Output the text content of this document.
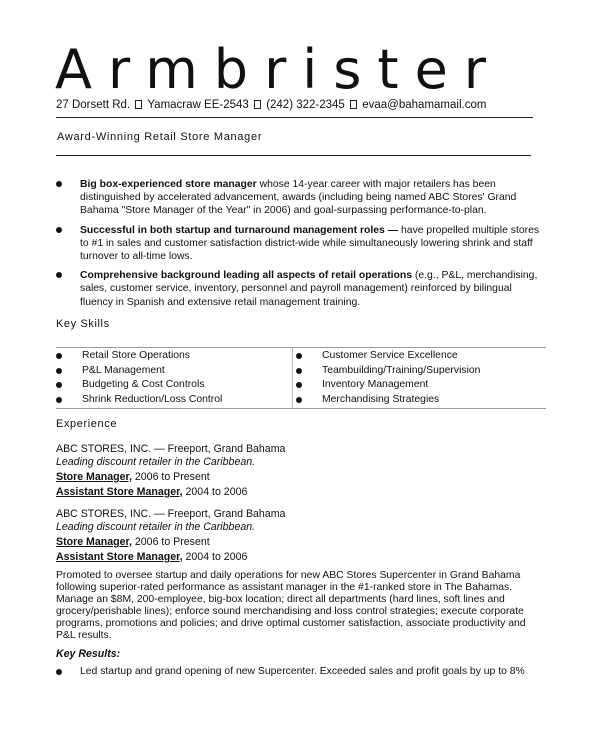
Armbrister
27 Dorsett Rd. Yamacraw EE-2543 (242) 322-2345 evaa@bahamamail.com
Award-Winning Retail Store Manager
Big box-experienced store manager whose 14-year career with major retailers has been distinguished by accelerated advancement, awards (including being named ABC Stores' Grand Bahama "Store Manager of the Year" in 2006) and goal-surpassing performance-to-plan.
Successful in both startup and turnaround management roles — have propelled multiple stores to #1 in sales and customer satisfaction district-wide while simultaneously lowering shrink and staff turnover to all-time lows.
Comprehensive background leading all aspects of retail operations (e.g., P&L, merchandising, sales, customer service, inventory, personnel and payroll management) reinforced by bilingual fluency in Spanish and extensive retail management training.
Key Skills
Retail Store Operations
P&L Management
Budgeting & Cost Controls
Shrink Reduction/Loss Control
Customer Service Excellence
Teambuilding/Training/Supervision
Inventory Management
Merchandising Strategies
Experience
ABC STORES, INC. — Freeport, Grand Bahama
Leading discount retailer in the Caribbean.
Store Manager, 2006 to Present
Assistant Store Manager, 2004 to 2006
ABC STORES, INC. — Freeport, Grand Bahama
Leading discount retailer in the Caribbean.
Store Manager, 2006 to Present
Assistant Store Manager, 2004 to 2006
Promoted to oversee startup and daily operations for new ABC Stores Supercenter in Grand Bahama following superior-rated performance as assistant manager in the #1-ranked store in The Bahamas. Manage an $8M, 200-employee, big-box location; direct all departments (hard lines, soft lines and grocery/perishable lines); enforce sound merchandising and loss control strategies; execute corporate programs, promotions and policies; and drive optimal customer satisfaction, associate productivity and P&L results.
Key Results:
Led startup and grand opening of new Supercenter. Exceeded sales and profit goals by up to 8%
